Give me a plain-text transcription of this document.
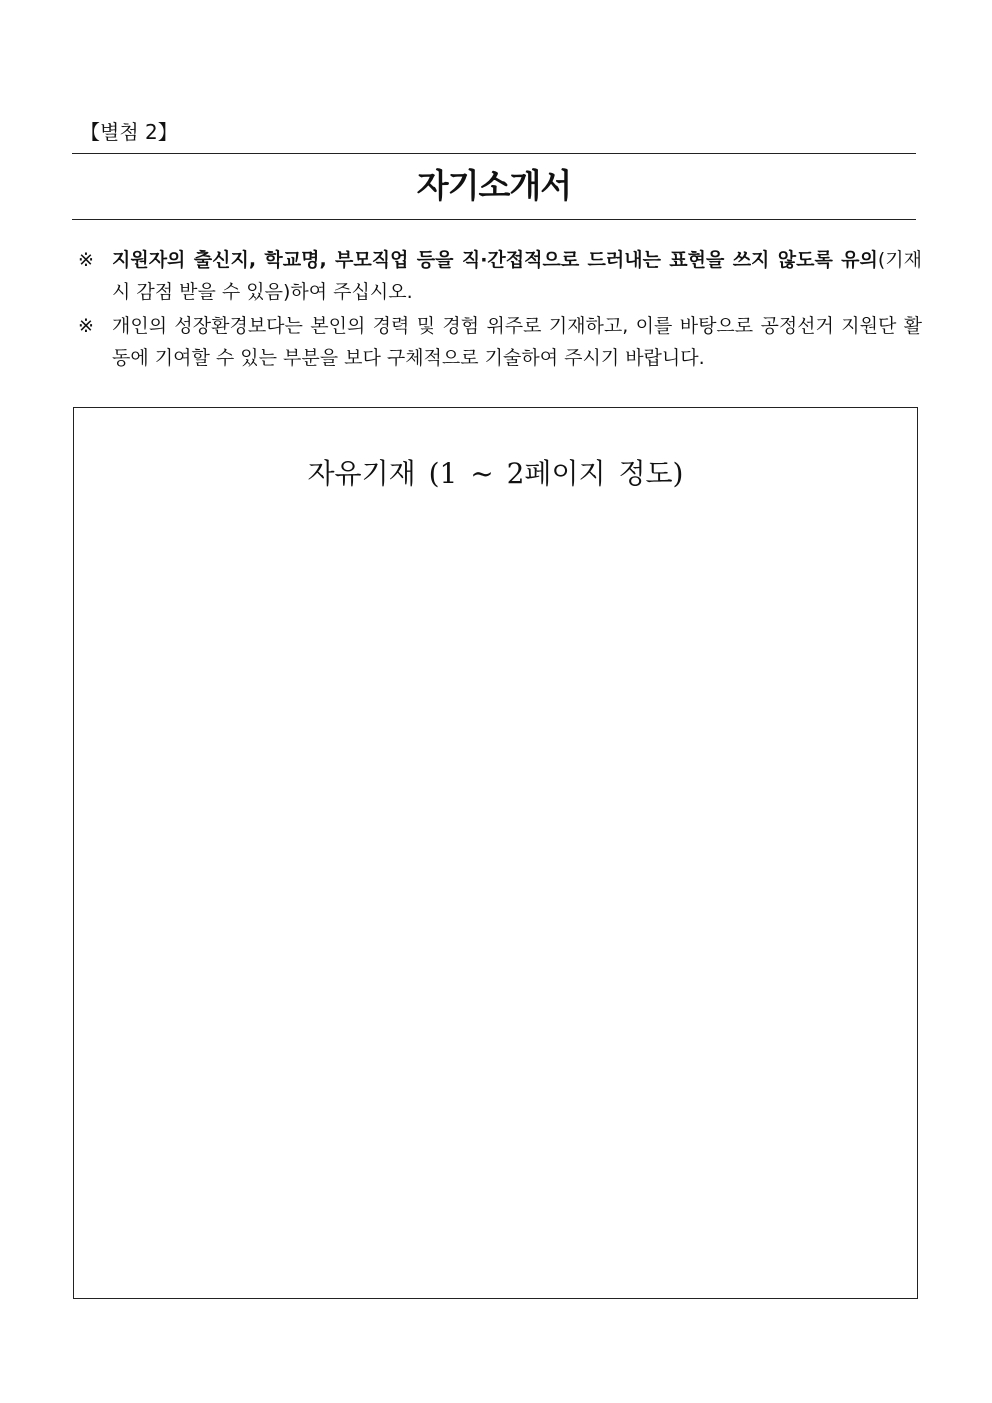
【별첨 2】
자기소개서
※ 지원자의 출신지, 학교명, 부모직업 등을 직·간접적으로 드러내는 표현을 쓰지 않도록 유의(기재 시 감점 받을 수 있음)하여 주십시오.
※ 개인의 성장환경보다는 본인의 경력 및 경험 위주로 기재하고, 이를 바탕으로 공정선거 지원단 활동에 기여할 수 있는 부분을 보다 구체적으로 기술하여 주시기 바랍니다.
자유기재 (1 ~ 2페이지 정도)
